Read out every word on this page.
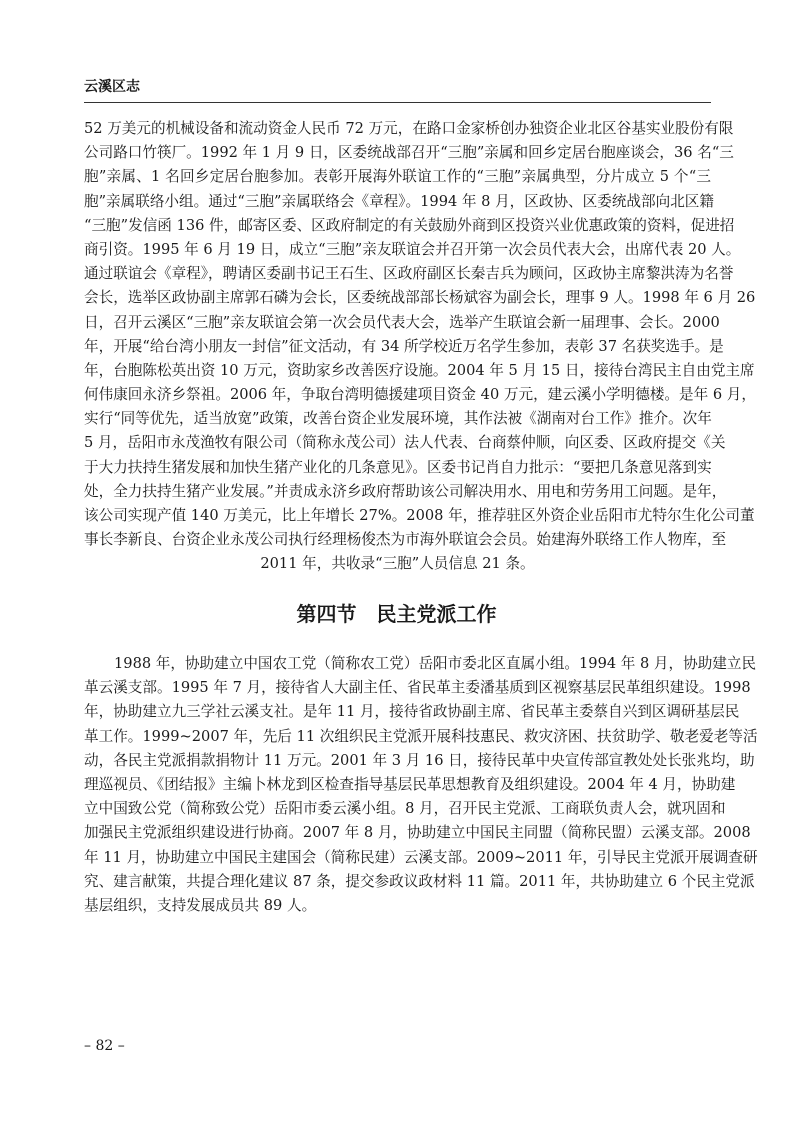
云溪区志
52 万美元的机械设备和流动资金人民币 72 万元，在路口金家桥创办独资企业北区谷基实业股份有限
公司路口竹筷厂。1992 年 1 月 9 日，区委统战部召开“三胞”亲属和回乡定居台胞座谈会，36 名“三
胞”亲属、1 名回乡定居台胞参加。表彰开展海外联谊工作的“三胞”亲属典型，分片成立 5 个“三
胞”亲属联络小组。通过“三胞”亲属联络会《章程》。1994 年 8 月，区政协、区委统战部向北区籍
“三胞”发信函 136 件，邮寄区委、区政府制定的有关鼓励外商到区投资兴业优惠政策的资料，促进招
商引资。1995 年 6 月 19 日，成立“三胞”亲友联谊会并召开第一次会员代表大会，出席代表 20 人。
通过联谊会《章程》，聘请区委副书记王石生、区政府副区长秦吉兵为顾问，区政协主席黎洪涛为名誉
会长，选举区政协副主席郭石磷为会长，区委统战部部长杨斌容为副会长，理事 9 人。1998 年 6 月 26
日，召开云溪区“三胞”亲友联谊会第一次会员代表大会，选举产生联谊会新一届理事、会长。2000
年，开展“给台湾小朋友一封信”征文活动，有 34 所学校近万名学生参加，表彰 37 名获奖选手。是
年，台胞陈松英出资 10 万元，资助家乡改善医疗设施。2004 年 5 月 15 日，接待台湾民主自由党主席
何伟康回永济乡祭祖。2006 年，争取台湾明德援建项目资金 40 万元，建云溪小学明德楼。是年 6 月，
实行“同等优先，适当放宽”政策，改善台资企业发展环境，其作法被《湖南对台工作》推介。次年
5 月，岳阳市永茂渔牧有限公司（简称永茂公司）法人代表、台商蔡仲顺，向区委、区政府提交《关
于大力扶持生猪发展和加快生猪产业化的几条意见》。区委书记肖自力批示：“要把几条意见落到实
处，全力扶持生猪产业发展。”并责成永济乡政府帮助该公司解决用水、用电和劳务用工问题。是年，
该公司实现产值 140 万美元，比上年增长 27%。2008 年，推荐驻区外资企业岳阳市尤特尔生化公司董
事长李新良、台资企业永茂公司执行经理杨俊杰为市海外联谊会会员。始建海外联络工作人物库，至
2011 年，共收录“三胞”人员信息 21 条。
第四节　民主党派工作
1988 年，协助建立中国农工党（简称农工党）岳阳市委北区直属小组。1994 年 8 月，协助建立民
革云溪支部。1995 年 7 月，接待省人大副主任、省民革主委潘基质到区视察基层民革组织建设。1998
年，协助建立九三学社云溪支社。是年 11 月，接待省政协副主席、省民革主委蔡自兴到区调研基层民
革工作。1999~2007 年，先后 11 次组织民主党派开展科技惠民、救灾济困、扶贫助学、敬老爱老等活
动，各民主党派捐款捐物计 11 万元。2001 年 3 月 16 日，接待民革中央宣传部宣教处处长张兆均，助
理巡视员、《团结报》主编卜林龙到区检查指导基层民革思想教育及组织建设。2004 年 4 月，协助建
立中国致公党（简称致公党）岳阳市委云溪小组。8 月，召开民主党派、工商联负责人会，就巩固和
加强民主党派组织建设进行协商。2007 年 8 月，协助建立中国民主同盟（简称民盟）云溪支部。2008
年 11 月，协助建立中国民主建国会（简称民建）云溪支部。2009~2011 年，引导民主党派开展调查研
究、建言献策，共提合理化建议 87 条，提交参政议政材料 11 篇。2011 年，共协助建立 6 个民主党派
基层组织，支持发展成员共 89 人。
– 82 –
